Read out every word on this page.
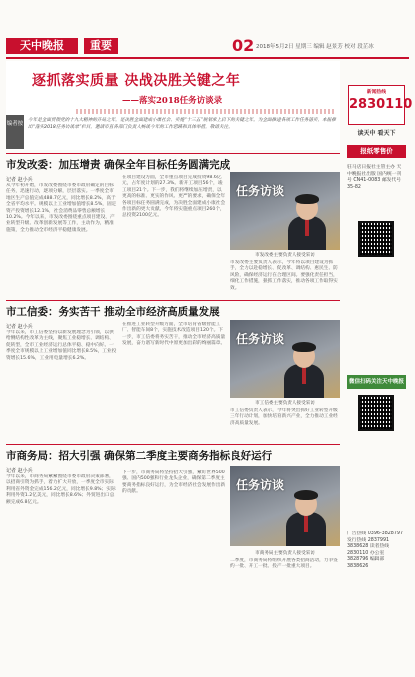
天中晚报	重要	02 2018年5月2日 星期三 编辑 赵景芳 校对 段芷冰
逐抓落实质量 决战决胜关键之年
——落实2018任务访谈录
编者按
今年是全面贯彻党的十九大精神的开局之年，是决胜全面建成小康社会、实施“十三五”规划承上启下的关键之年。为全面推进各项工作任务落实，本报推出“落实2018任务访谈录”栏目，邀请市直各部门负责人畅谈今年的工作思路和具体举措，敬请关注。
市发改委：加压增责 确保全年目标任务圆满完成
记者 赵小兵
从今年初开始，市发改委围绕市委市政府确定的目标任务，迅速行动，逐项分解，层层落实。一季度全市地区生产总值完成488.7亿元，同比增长8.2%，高于全省平均水平。规模以上工业增加值增长8.5%，固定资产投资增长12.1%，社会消费品零售总额增长10.2%。今年以来，市发改委围绕重点项目建设、产业转型升级、改革创新发展等工作，主动作为，精准施策，全力推动全市经济平稳健康发展。
在项目建设方面，全市重点项目完成投资98.6亿元，占年度计划的27.3%。新开工项目56个，竣工项目21个。下一步，我们将继续加压增责，以更高的标准、更实的作风、更严的要求，确保全年各项目标任务圆满完成，为决胜全面建成小康社会作出新的更大贡献。今年将实施重点项目260个，总投资2100亿元。
任务访谈
市发改委主要负责人接受采访
市发改委主要负责人表示，今年将以项目建设为抓手，全力以赴稳增长、促改革、调结构、惠民生、防风险，确保经济运行在合理区间。要强化责任担当，细化工作措施，狠抓工作落实，推动各项工作取得实效。
市工信委：务实苦干 推动全市经济高质量发展
记者 赵小兵
今年以来，市工信委坚持以新发展理念为引领，以供给侧结构性改革为主线，聚焦工业稳增长、调结构、促转型，全市工业经济运行总体平稳、稳中向好。一季度全市规模以上工业增加值同比增长8.5%，工业投资增长15.6%，工业用电量增长6.2%。
在推进工业转型升级方面，全市培育省级智能工厂、智能车间8个，实施技术改造项目120个。下一步，市工信委将务实苦干，推动全市经济高质量发展，奋力谱写新时代中原更加出彩的绚丽篇章。 任务访谈
市工信委主要负责人接受采访
市工信委负责人表示，今年将突出抓好工业转型升级三年行动计划，加快培育新兴产业，全力推动工业经济高质量发展。
市商务局：招大引强 确保第二季度主要商务指标良好运行
记者 赵小兵
今年以来，市商务局紧紧围绕市委市政府决策部署，以招商引资为抓手，着力扩大开放，一季度全市实际利用省外资金完成156.2亿元，同比增长9.8%；实际利用外资1.2亿美元，同比增长8.6%；外贸进出口总额完成6.8亿元。
下一步，市商务局将坚持招大引强，紧盯世界500强、国内500强和行业龙头企业，确保第二季度主要商务指标良好运行，为全市经济社会发展作出新的贡献。	任务访谈
市商务局主要负责人接受采访
二季度，市商务局将组织开展各类招商活动，力争签约一批、开工一批、投产一批重大项目。
新闻热线
2830110
读天中 看天下
报纸零售价
驻马店日报社主管主办 天中晚报社出版 国内统一刊号 CN41-0083 邮发代号 35-82
微信扫码关注天中晚报
广告热线 0396-3828797 发行热线 2837991 3838628 读者热线 2830110 办公室 3828796 编辑部 3838626
